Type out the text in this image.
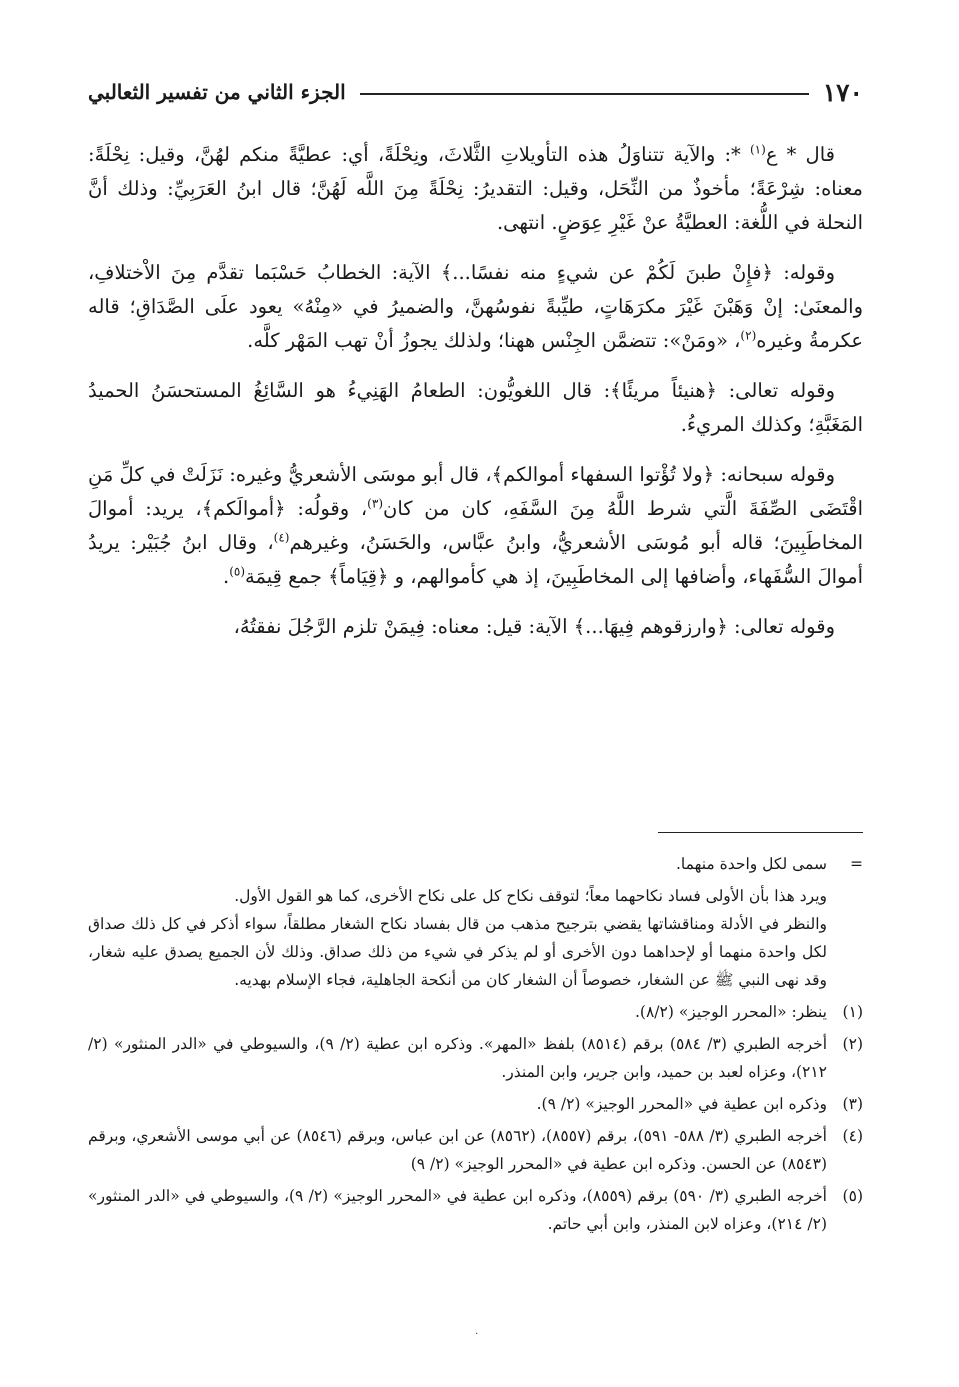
١٧٠
الجزء الثاني من تفسير الثعالبي

قال * ع$^{(١)}$ *: والآية تتناوَلُ هذه التأويلاتِ الثَّلاثَ، ونِحْلَةً، أي: عطيَّةً منكم لهُنَّ، وقيل: نِحْلَةً: معناه: شِرْعَةً؛ مأخوذٌ من النِّحَل، وقيل: التقديرُ: نِحْلَةً مِنَ اللَّه لَهُنَّ؛ قال ابنُ العَرَبِيِّ: وذلك أنَّ النحلة في اللُّغة: العطيَّةُ عنْ غَيْرِ عِوَضٍ. انتهى.

وقوله: ﴿فإِنْ طبنَ لَكُمْ عن شيءٍ منه نفسًا...﴾ الآية: الخطابُ حَسْبَما تقدَّم مِنَ الاْختلافِ، والمعنَىٰ: إنْ وَهَبْنَ غَيْرَ مكرَهَاتٍ، طيِّبةً نفوسُهنَّ، والضميرُ في «مِنْهُ» يعود علَى الصَّدَاقِ؛ قاله عكرمةُ وغيره$^{(٢)}$، «ومَنْ»: تتضمَّن الجِنْس ههنا؛ ولذلك يجوزُ أنْ تهب المَهْر كلَّه.

وقوله تعالى: ﴿هنيئاً مريئًا﴾: قال اللغويُّون: الطعامُ الهَنِيءُ هو السَّائِغُ المستحسَنُ الحميدُ المَغَبَّةِ؛ وكذلك المريءُ.

وقوله سبحانه: ﴿ولا تُؤْتوا السفهاء أموالكم﴾، قال أبو موسَى الأشعريُّ وغيره: نَزَلَتْ في كلِّ مَنِ اقْتَضَى الصِّفَةَ الَّتي شرط اللَّهُ مِنَ السَّفَهِ، كان من كان$^{(٣)}$، وقولُه: ﴿أموالَكم﴾، يريد: أموالَ المخاطَبِينَ؛ قاله أبو مُوسَى الأشعريُّ، وابنُ عبَّاس، والحَسَنُ، وغيرهم$^{(٤)}$، وقال ابنُ جُبَيْر: يريدُ أموالَ السُّفَهاء، وأضافها إلى المخاطَبِينَ، إذ هي كأموالهم، و ﴿قِيَاماً﴾ جمع قِيمَة$^{(٥)}$.

وقوله تعالى: ﴿وارزقوهم فِيهَا...﴾ الآية: قيل: معناه: فِيمَنْ تلزم الرَّجُلَ نفقتُهُ،

=
سمى لكل واحدة منهما.

ويرد هذا بأن الأولى فساد نكاحهما معاً؛ لتوقف نكاح كل على نكاح الأخرى، كما هو القول الأول.

والنظر في الأدلة ومناقشاتها يقضي بترجيح مذهب من قال بفساد نكاح الشغار مطلقاً، سواء أذكر في كل ذلك صداق لكل واحدة منهما أو لإحداهما دون الأخرى أو لم يذكر في شيء من ذلك صداق. وذلك لأن الجميع يصدق عليه شغار، وقد نهى النبي ﷺ عن الشغار، خصوصاً أن الشغار كان من أنكحة الجاهلية، فجاء الإسلام بهديه.

(١)
ينظر: «المحرر الوجيز» (٨/٢).
(٢)
أخرجه الطبري (٣/ ٥٨٤) برقم (٨٥١٤) بلفظ «المهر». وذكره ابن عطية (٢/ ٩)، والسيوطي في «الدر المنثور» (٢/ ٢١٢)، وعزاه لعبد بن حميد، وابن جرير، وابن المنذر.
(٣)
وذكره ابن عطية في «المحرر الوجيز» (٢/ ٩).
(٤)
أخرجه الطبري (٣/ ٥٨٨- ٥٩١)، برقم (٨٥٥٧)، (٨٥٦٢) عن ابن عباس، وبرقم (٨٥٤٦) عن أبي موسى الأشعري، وبرقم (٨٥٤٣) عن الحسن. وذكره ابن عطية في «المحرر الوجيز» (٢/ ٩)
(٥)
أخرجه الطبري (٣/ ٥٩٠) برقم (٨٥٥٩)، وذكره ابن عطية في «المحرر الوجيز» (٢/ ٩)، والسيوطي في «الدر المنثور» (٢/ ٢١٤)، وعزاه لابن المنذر، وابن أبي حاتم.
.
